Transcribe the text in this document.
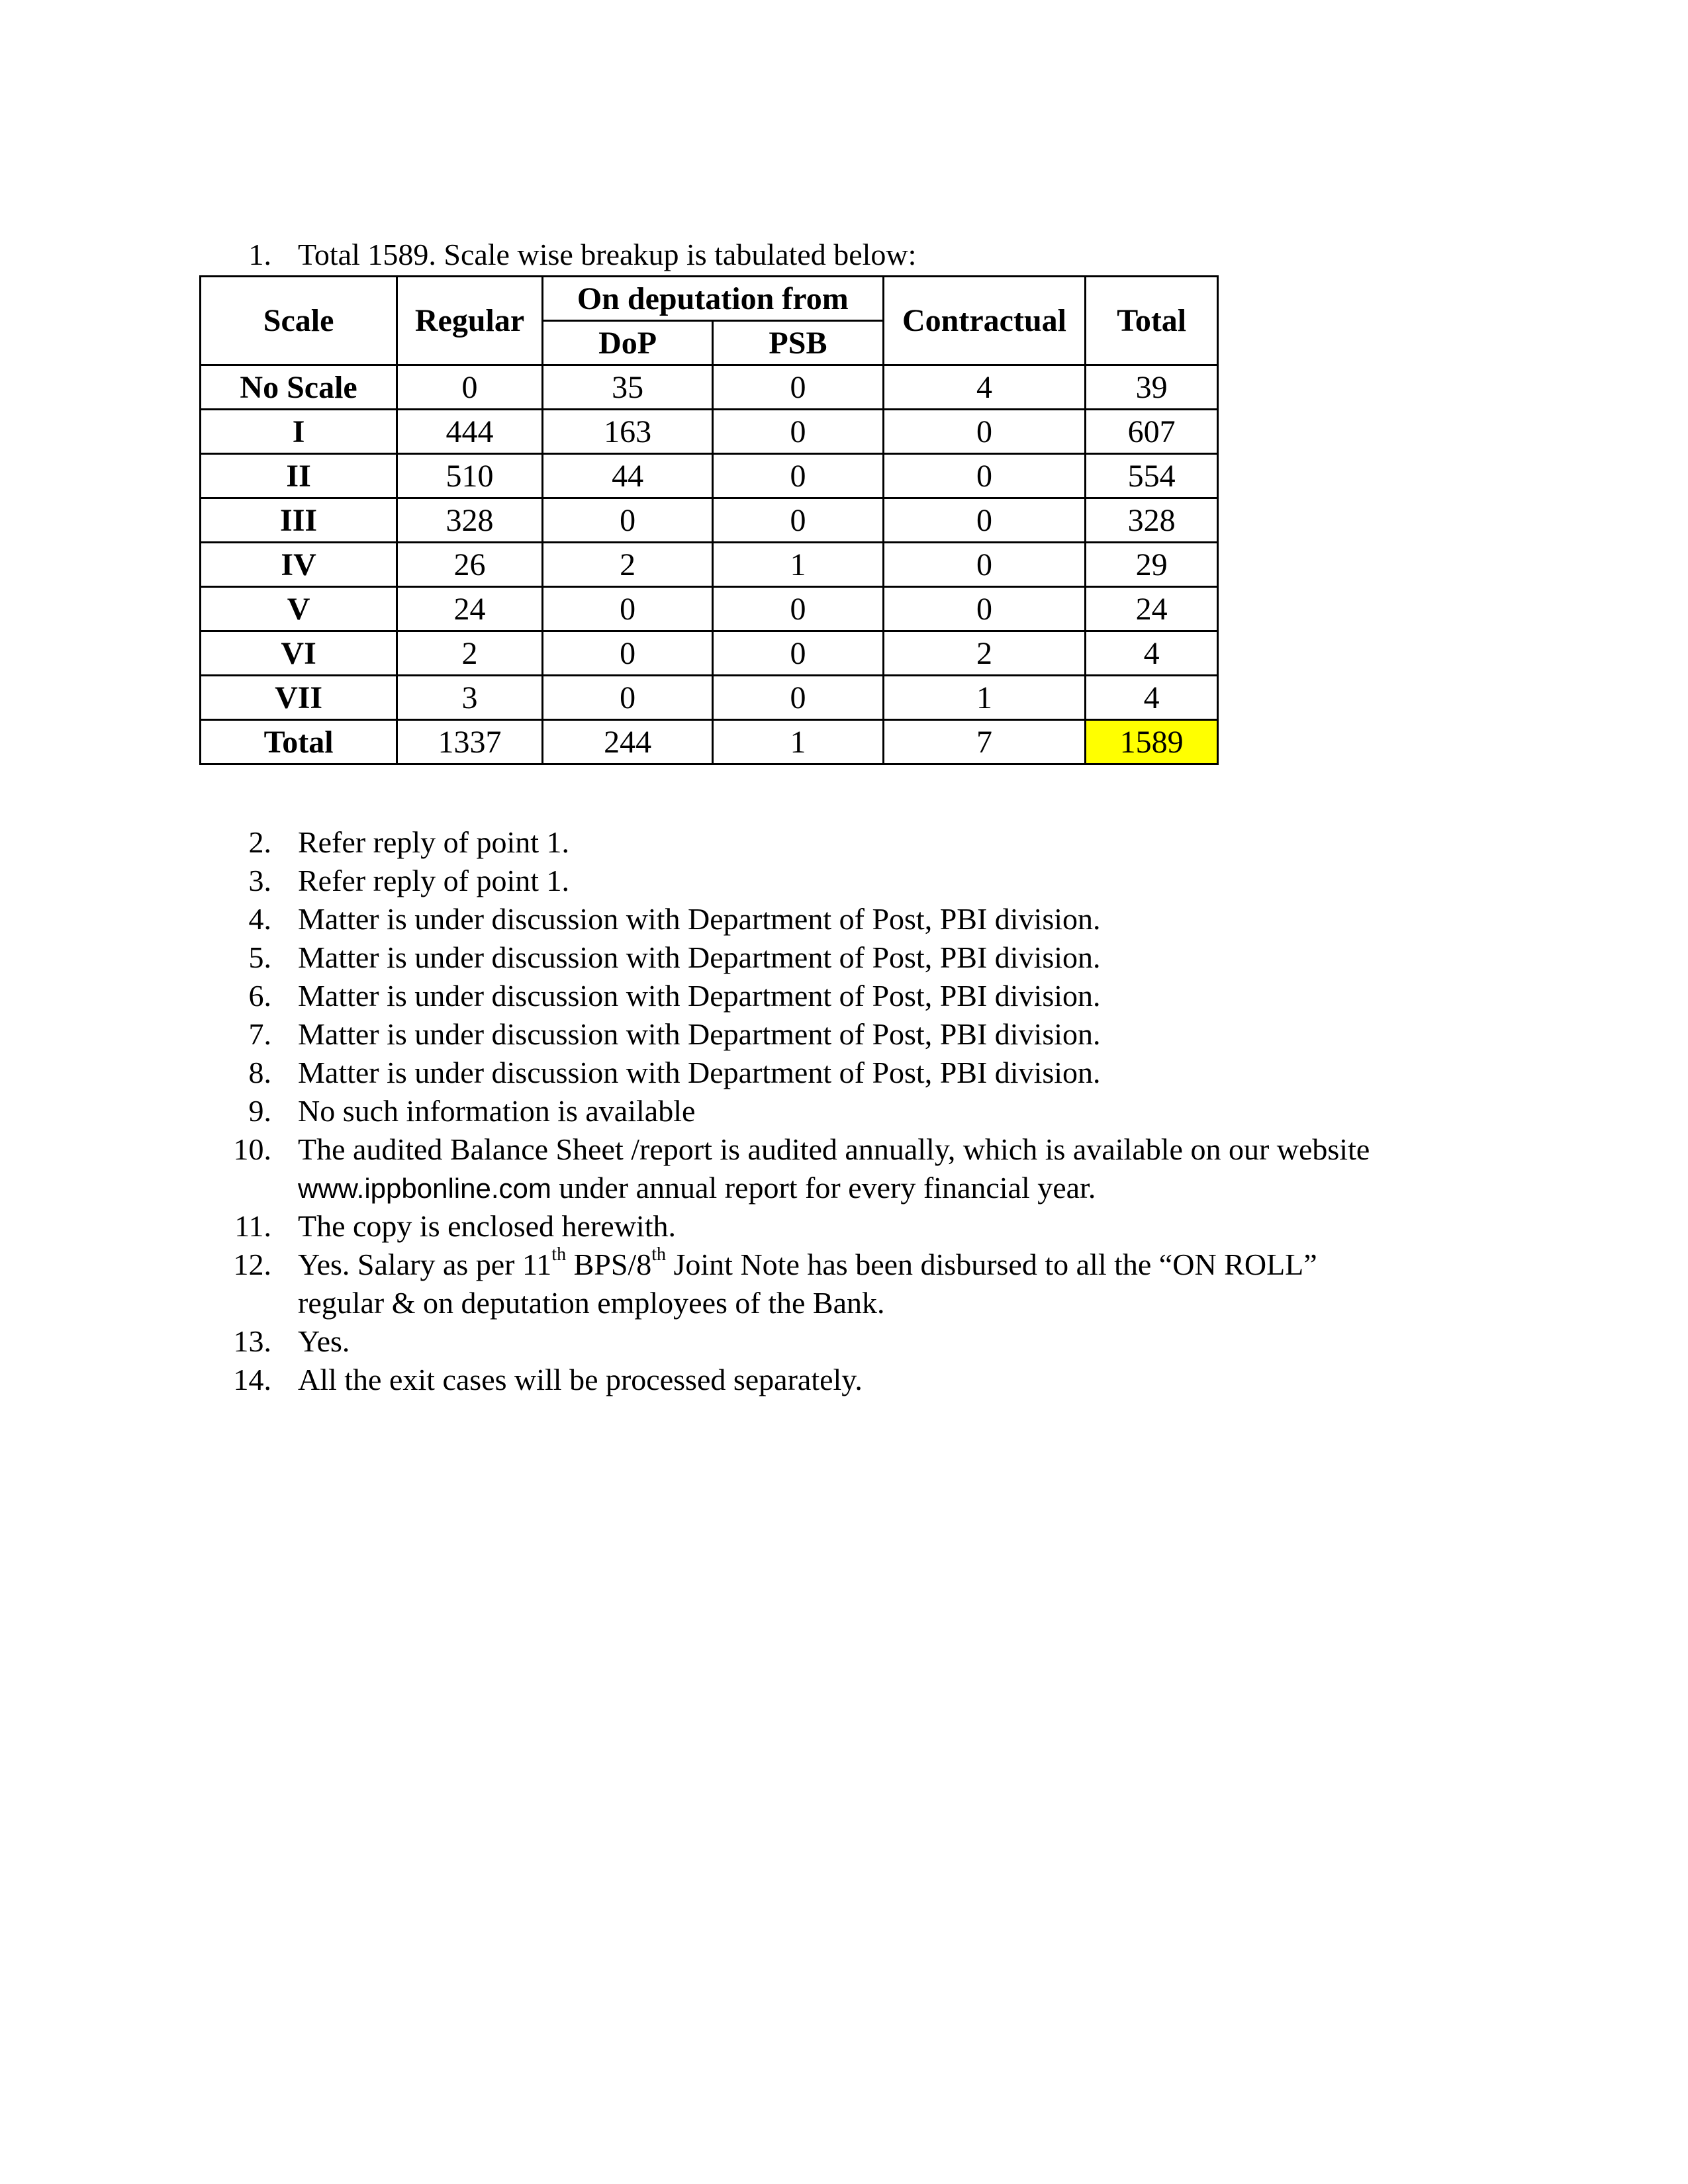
1. Total 1589. Scale wise breakup is tabulated below:
Scale	Regular	On deputation from		Contractual	Total
		DoP	PSB		
No Scale	0	35	0	4	39
I	444	163	0	0	607
II	510	44	0	0	554
III	328	0	0	0	328
IV	26	2	1	0	29
V	24	0	0	0	24
VI	2	0	0	2	4
VII	3	0	0	1	4
Total	1337	244	1	7	1589
2. Refer reply of point 1.
3. Refer reply of point 1.
4. Matter is under discussion with Department of Post, PBI division.
5. Matter is under discussion with Department of Post, PBI division.
6. Matter is under discussion with Department of Post, PBI division.
7. Matter is under discussion with Department of Post, PBI division.
8. Matter is under discussion with Department of Post, PBI division.
9. No such information is available
10. The audited Balance Sheet /report is audited annually, which is available on our website
www.ippbonline.com under annual report for every financial year.
11. The copy is enclosed herewith.
12. Yes. Salary as per 11th BPS/8th Joint Note has been disbursed to all the “ON ROLL”
regular & on deputation employees of the Bank.
13. Yes.
14. All the exit cases will be processed separately.
